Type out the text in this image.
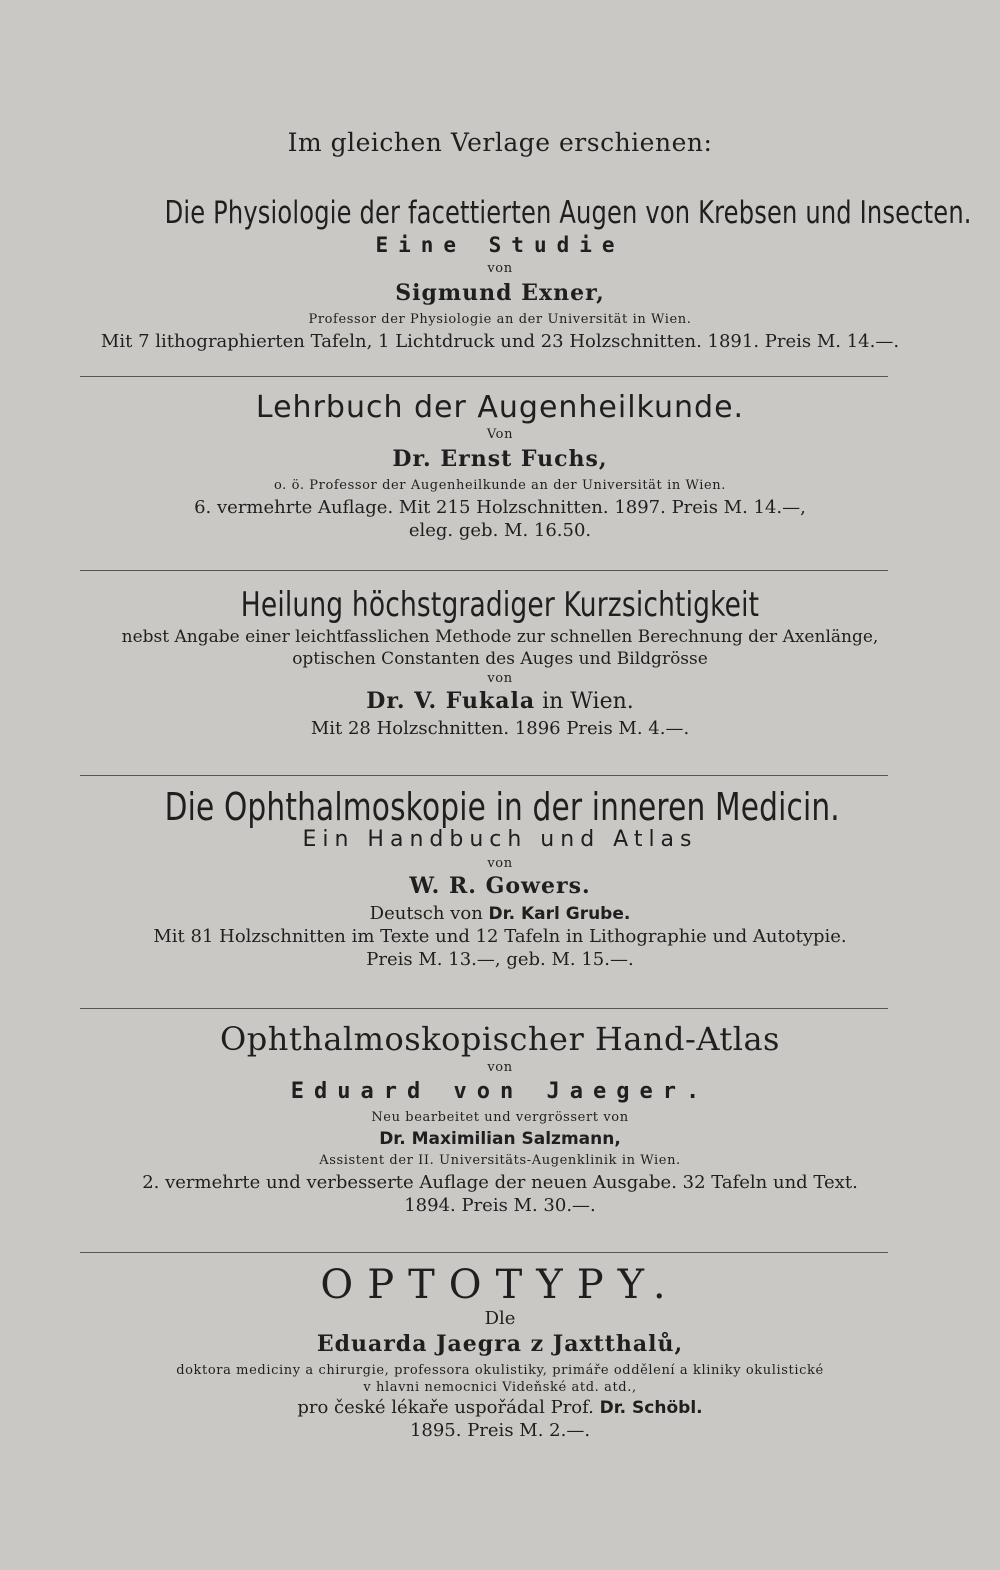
Im gleichen Verlage erschienen:
Die Physiologie der facettierten Augen von Krebsen und Insecten.
Eine Studie
von
Sigmund Exner,
Professor der Physiologie an der Universität in Wien.
Mit 7 lithographierten Tafeln, 1 Lichtdruck und 23 Holzschnitten. 1891. Preis M. 14.—.
Lehrbuch der Augenheilkunde.
Von
Dr. Ernst Fuchs,
o. ö. Professor der Augenheilkunde an der Universität in Wien.
6. vermehrte Auflage. Mit 215 Holzschnitten. 1897. Preis M. 14.—,
eleg. geb. M. 16.50.
Heilung höchstgradiger Kurzsichtigkeit
nebst Angabe einer leichtfasslichen Methode zur schnellen Berechnung der Axenlänge,
optischen Constanten des Auges und Bildgrösse
von
Dr. V. Fukala in Wien.
Mit 28 Holzschnitten. 1896 Preis M. 4.—.
Die Ophthalmoskopie in der inneren Medicin.
Ein Handbuch und Atlas
von
W. R. Gowers.
Deutsch von Dr. Karl Grube.
Mit 81 Holzschnitten im Texte und 12 Tafeln in Lithographie und Autotypie.
Preis M. 13.—, geb. M. 15.—.
Ophthalmoskopischer Hand-Atlas
von
Eduard von Jaeger.
Neu bearbeitet und vergrössert von
Dr. Maximilian Salzmann,
Assistent der II. Universitäts-Augenklinik in Wien.
2. vermehrte und verbesserte Auflage der neuen Ausgabe. 32 Tafeln und Text.
1894. Preis M. 30.—.
OPTOTYPY.
Dle
Eduarda Jaegra z Jaxtthalů,
doktora mediciny a chirurgie, professora okulistiky, primáře oddělení a kliniky okulistické
v hlavni nemocnici Videňské atd. atd.,
pro české lékaře uspořádal Prof. Dr. Schöbl.
1895. Preis M. 2.—.
